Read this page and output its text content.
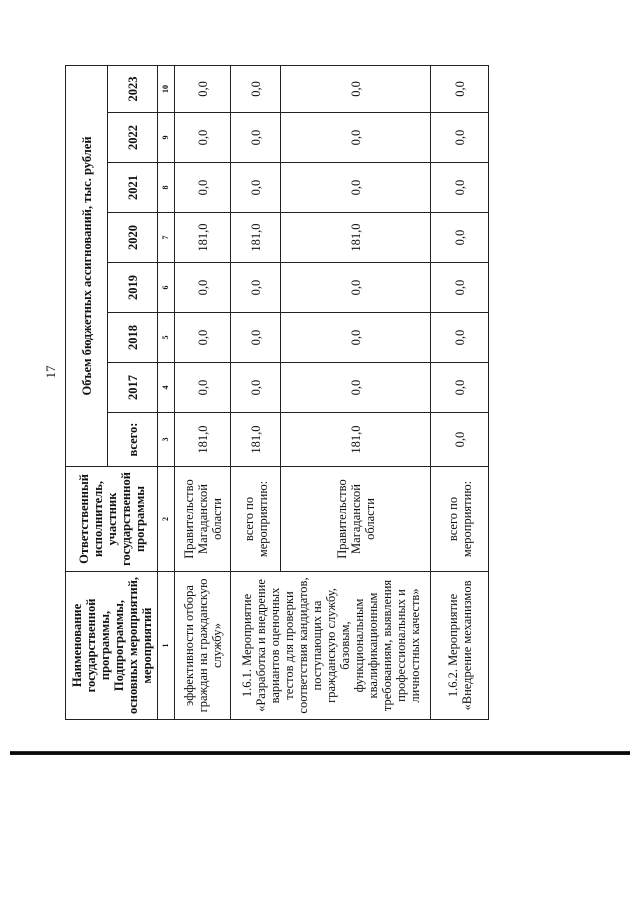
17
Наименование государственной программы, Подпрограммы, основных мероприятий, мероприятий	Ответственный исполнитель, участник государственной программы	Объем бюджетных ассигнований, тыс. рублей							
		всего:	2017	2018	2019	2020	2021	2022	2023
1	2	3	4	5	6	7	8	9	10
эффективности отбора граждан на гражданскую службу»	Правительство Магаданской области	181,0	0,0	0,0	0,0	181,0	0,0	0,0	0,0
1.6.1. Мероприятие «Разработка и внедрение вариантов оценочных тестов для проверки соответствия кандидатов, поступающих на гражданскую службу, базовым, функциональным квалификационным требованиям, выявления профессиональных и личностных качеств»	всего по мероприятию:	181,0	0,0	0,0	0,0	181,0	0,0	0,0	0,0
	Правительство Магаданской области	181,0	0,0	0,0	0,0	181,0	0,0	0,0	0,0
1.6.2. Мероприятие «Внедрение механизмов	всего по мероприятию:	0,0	0,0	0,0	0,0	0,0	0,0	0,0	0,0
